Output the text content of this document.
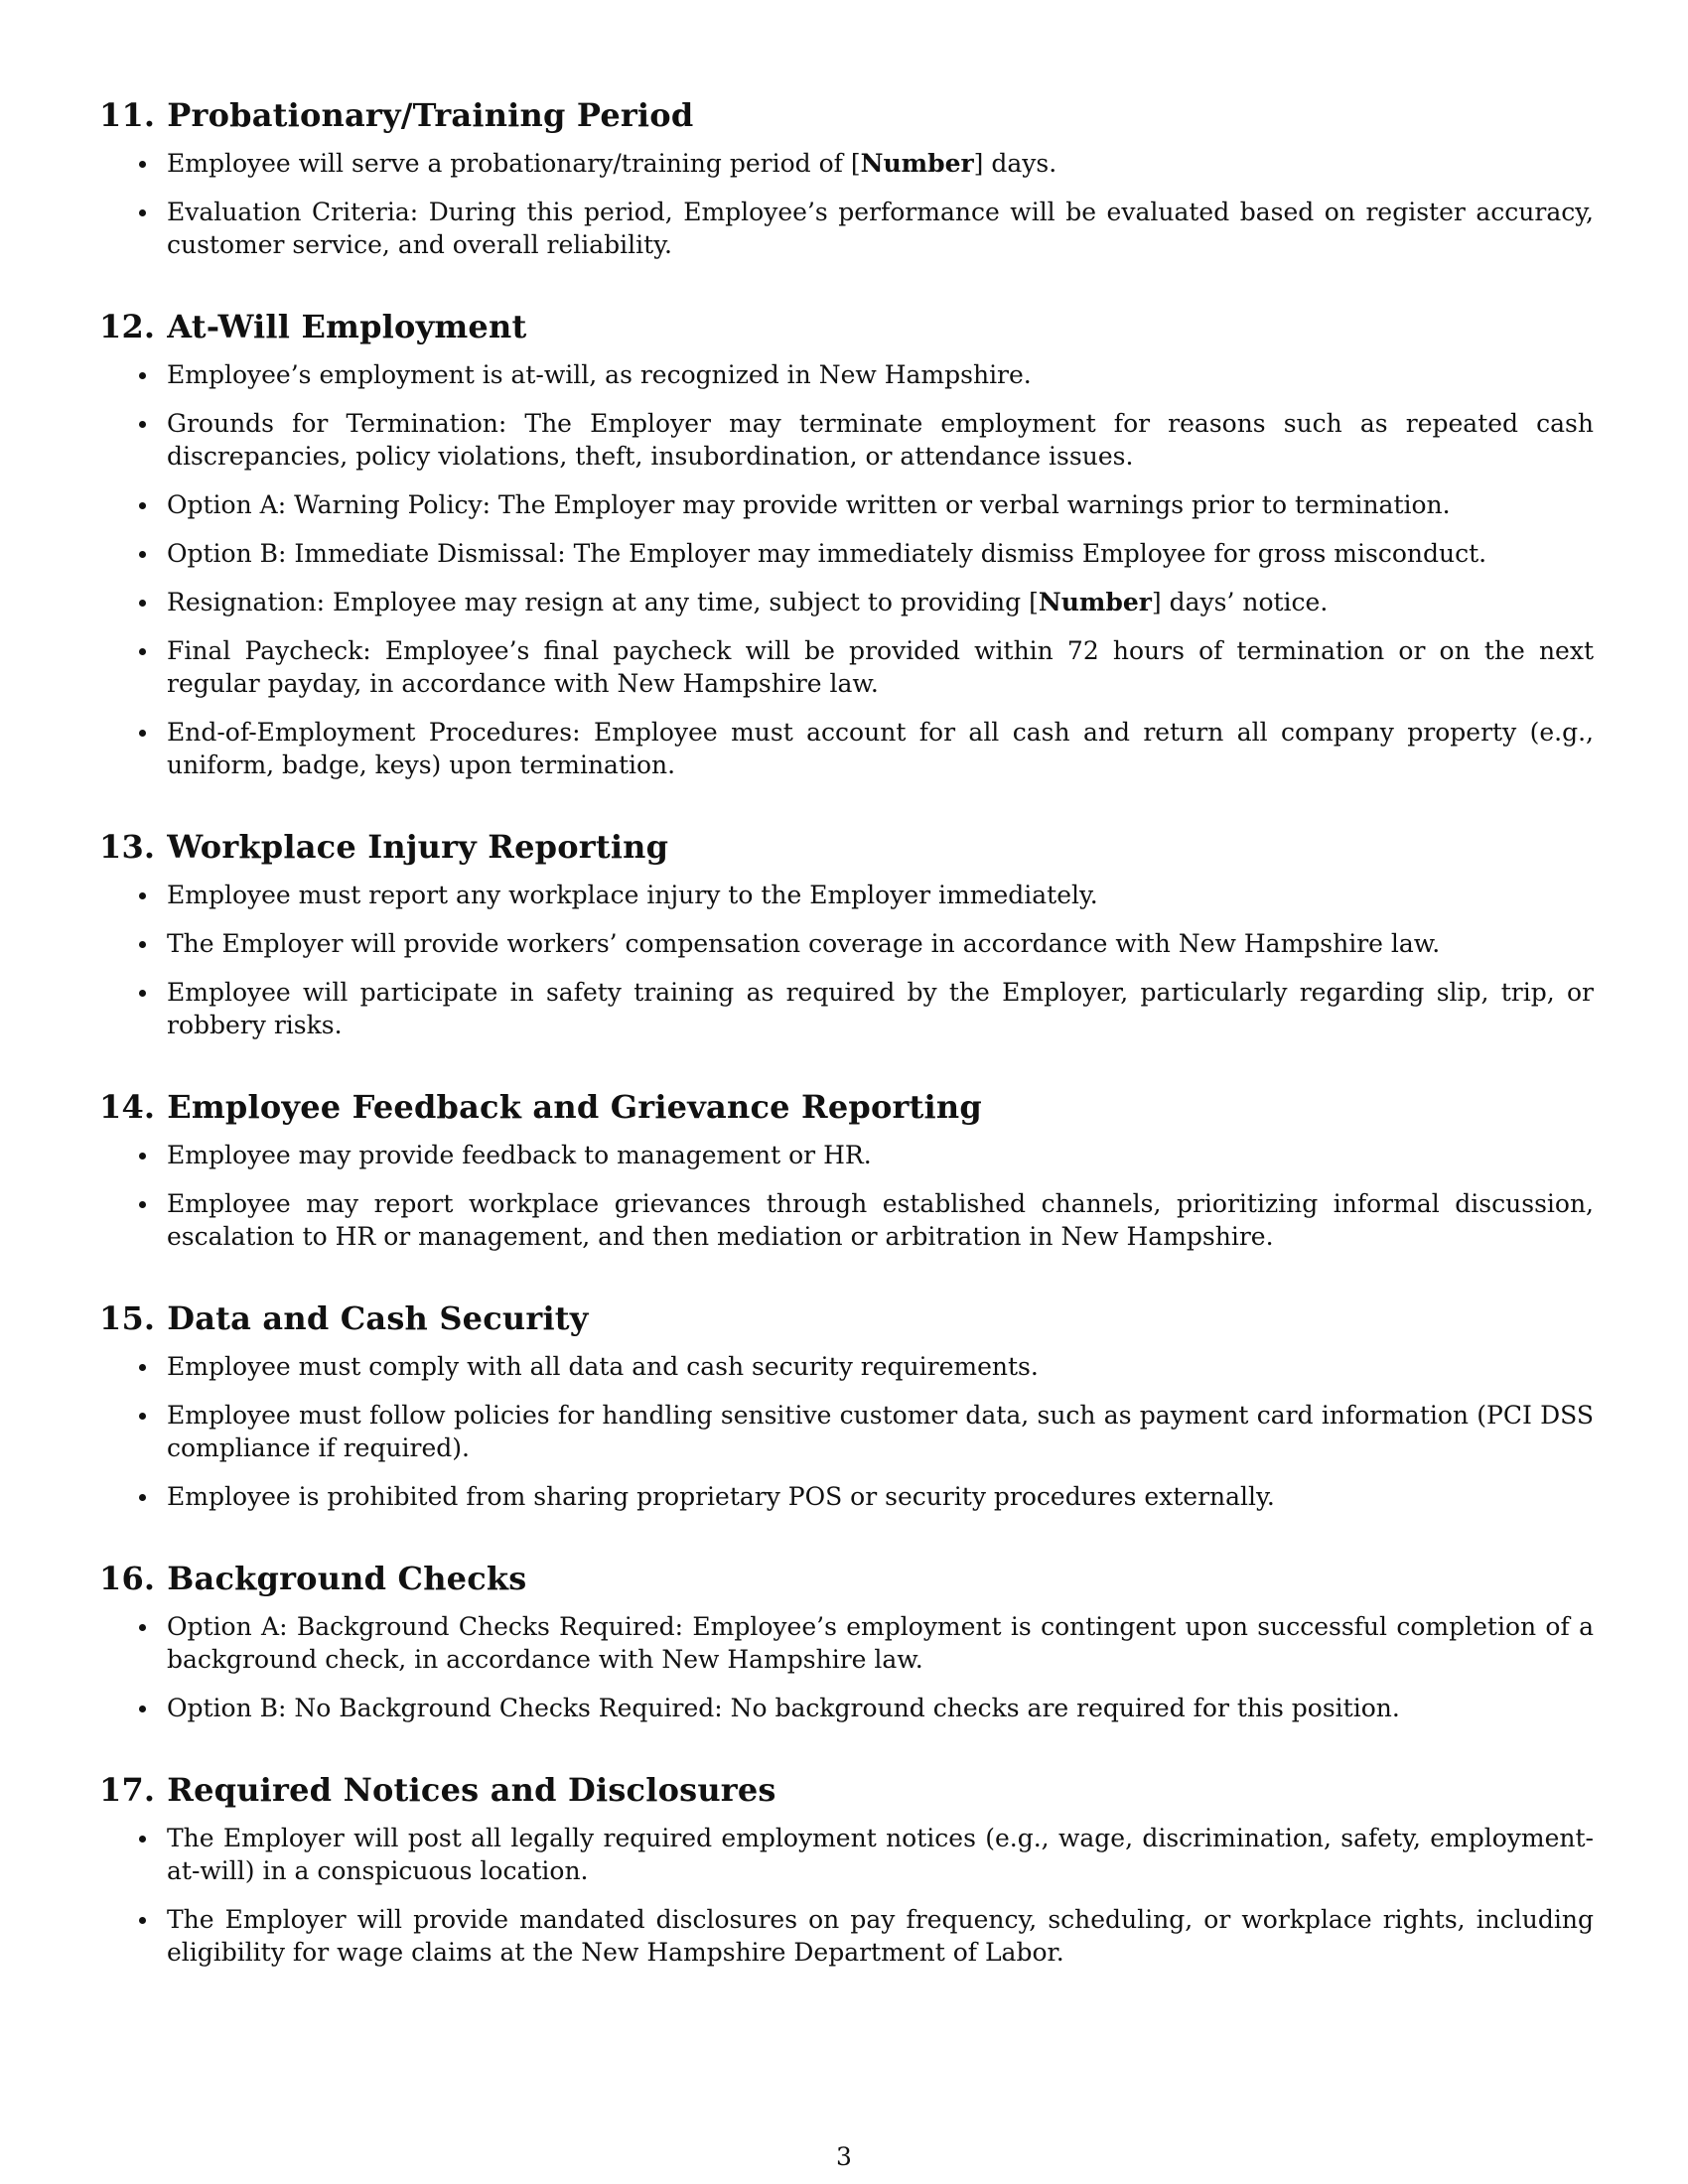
11. Probationary/Training Period
Employee will serve a probationary/training period of [Number] days.
Evaluation Criteria: During this period, Employee’s performance will be evaluated based on register accuracy, customer service, and overall reliability.
12. At-Will Employment
Employee’s employment is at-will, as recognized in New Hampshire.
Grounds for Termination: The Employer may terminate employment for reasons such as repeated cash discrepancies, policy violations, theft, insubordination, or attendance issues.
Option A: Warning Policy: The Employer may provide written or verbal warnings prior to termination.
Option B: Immediate Dismissal: The Employer may immediately dismiss Employee for gross misconduct.
Resignation: Employee may resign at any time, subject to providing [Number] days’ notice.
Final Paycheck: Employee’s final paycheck will be provided within 72 hours of termination or on the next regular payday, in accordance with New Hampshire law.
End-of-Employment Procedures: Employee must account for all cash and return all company property (e.g., uniform, badge, keys) upon termination.
13. Workplace Injury Reporting
Employee must report any workplace injury to the Employer immediately.
The Employer will provide workers’ compensation coverage in accordance with New Hampshire law.
Employee will participate in safety training as required by the Employer, particularly regarding slip, trip, or robbery risks.
14. Employee Feedback and Grievance Reporting
Employee may provide feedback to management or HR.
Employee may report workplace grievances through established channels, prioritizing informal discussion, escalation to HR or management, and then mediation or arbitration in New Hampshire.
15. Data and Cash Security
Employee must comply with all data and cash security requirements.
Employee must follow policies for handling sensitive customer data, such as payment card information (PCI DSS compliance if required).
Employee is prohibited from sharing proprietary POS or security procedures externally.
16. Background Checks
Option A: Background Checks Required: Employee’s employment is contingent upon successful completion of a background check, in accordance with New Hampshire law.
Option B: No Background Checks Required: No background checks are required for this position.
17. Required Notices and Disclosures
The Employer will post all legally required employment notices (e.g., wage, discrimination, safety, employment-at-will) in a conspicuous location.
The Employer will provide mandated disclosures on pay frequency, scheduling, or workplace rights, including eligibility for wage claims at the New Hampshire Department of Labor.
3
